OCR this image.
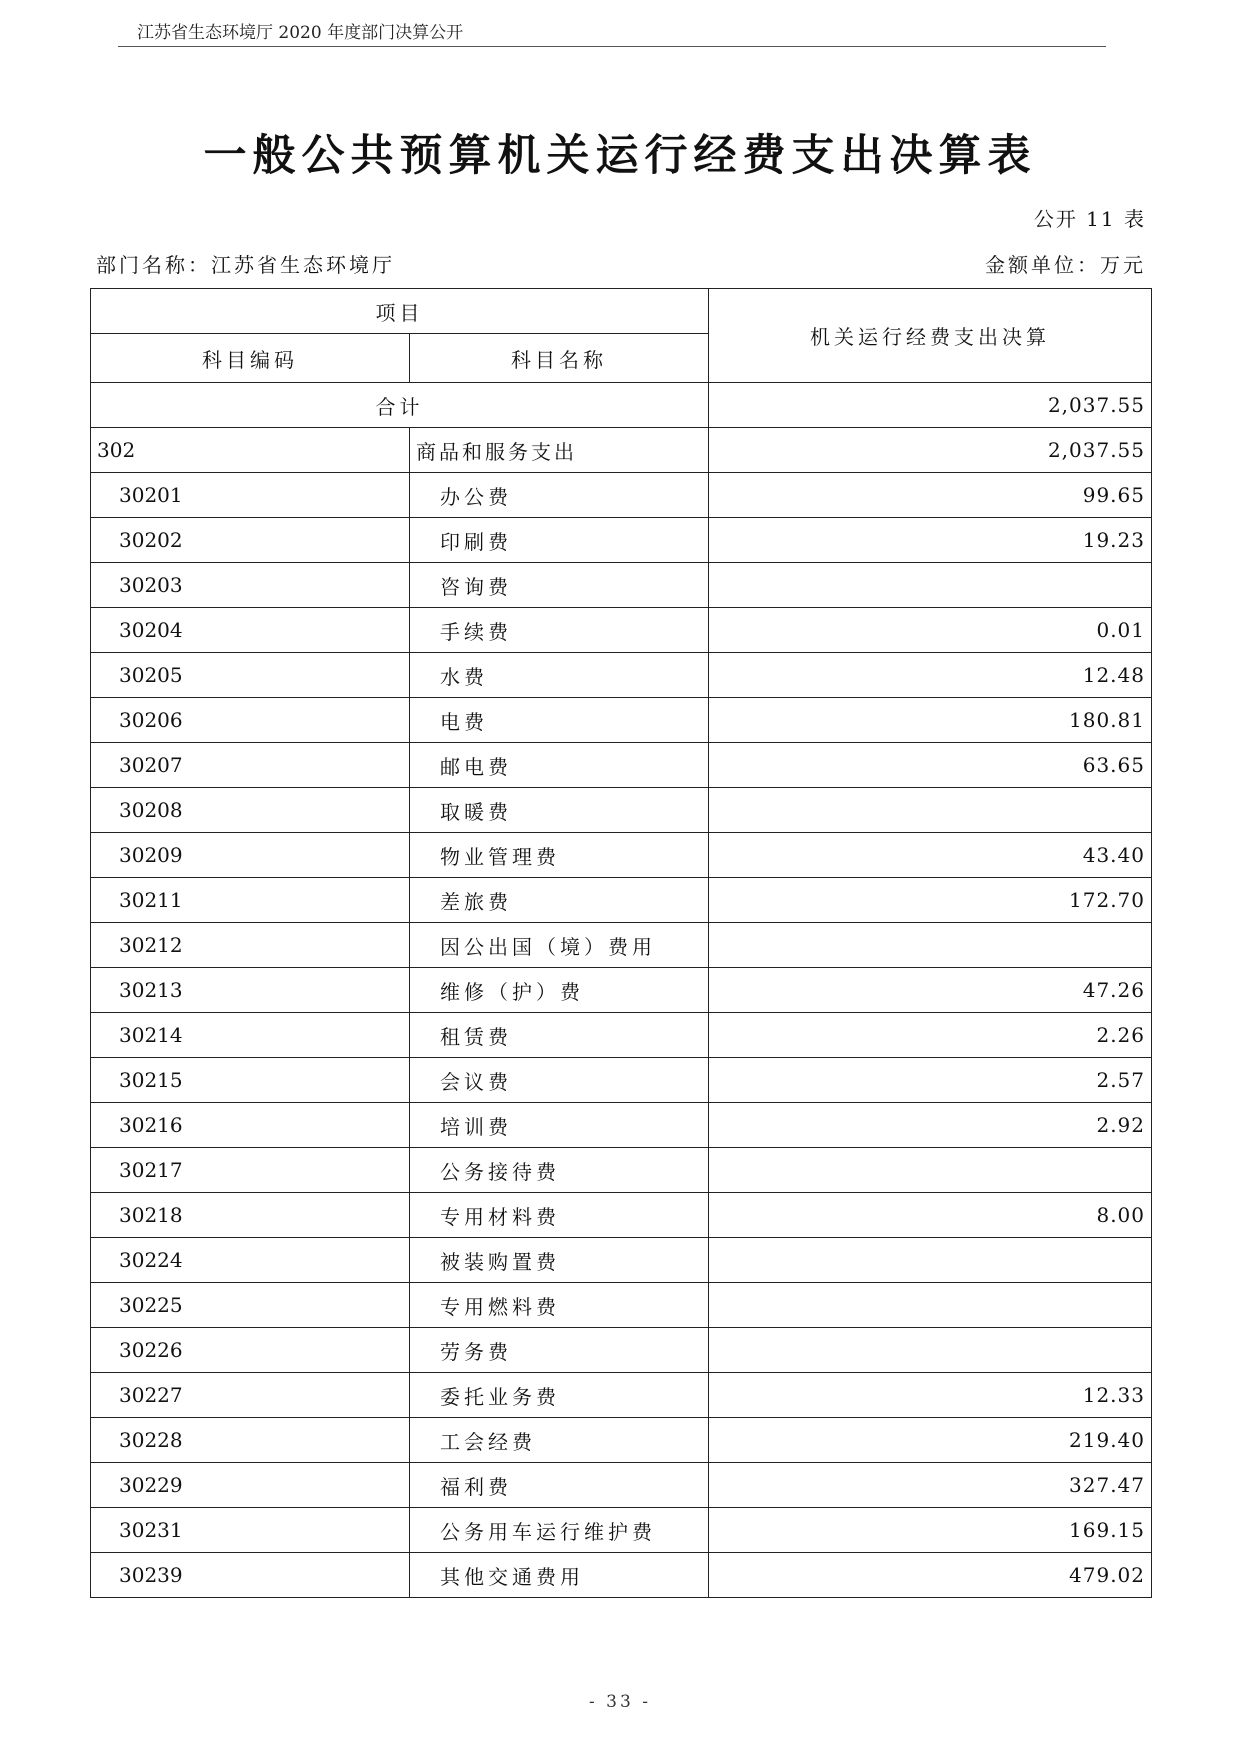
江苏省生态环境厅 2020 年度部门决算公开
一般公共预算机关运行经费支出决算表
公开 11 表
部门名称：江苏省生态环境厅	金额单位：万元
项目		机关运行经费支出决算
科目编码	科目名称	
合计		2,037.55
302	商品和服务支出	2,037.55
30201	办公费	99.65
30202	印刷费	19.23
30203	咨询费	
30204	手续费	0.01
30205	水费	12.48
30206	电费	180.81
30207	邮电费	63.65
30208	取暖费	
30209	物业管理费	43.40
30211	差旅费	172.70
30212	因公出国（境）费用	
30213	维修（护）费	47.26
30214	租赁费	2.26
30215	会议费	2.57
30216	培训费	2.92
30217	公务接待费	
30218	专用材料费	8.00
30224	被装购置费	
30225	专用燃料费	
30226	劳务费	
30227	委托业务费	12.33
30228	工会经费	219.40
30229	福利费	327.47
30231	公务用车运行维护费	169.15
30239	其他交通费用	479.02
- 33 -
